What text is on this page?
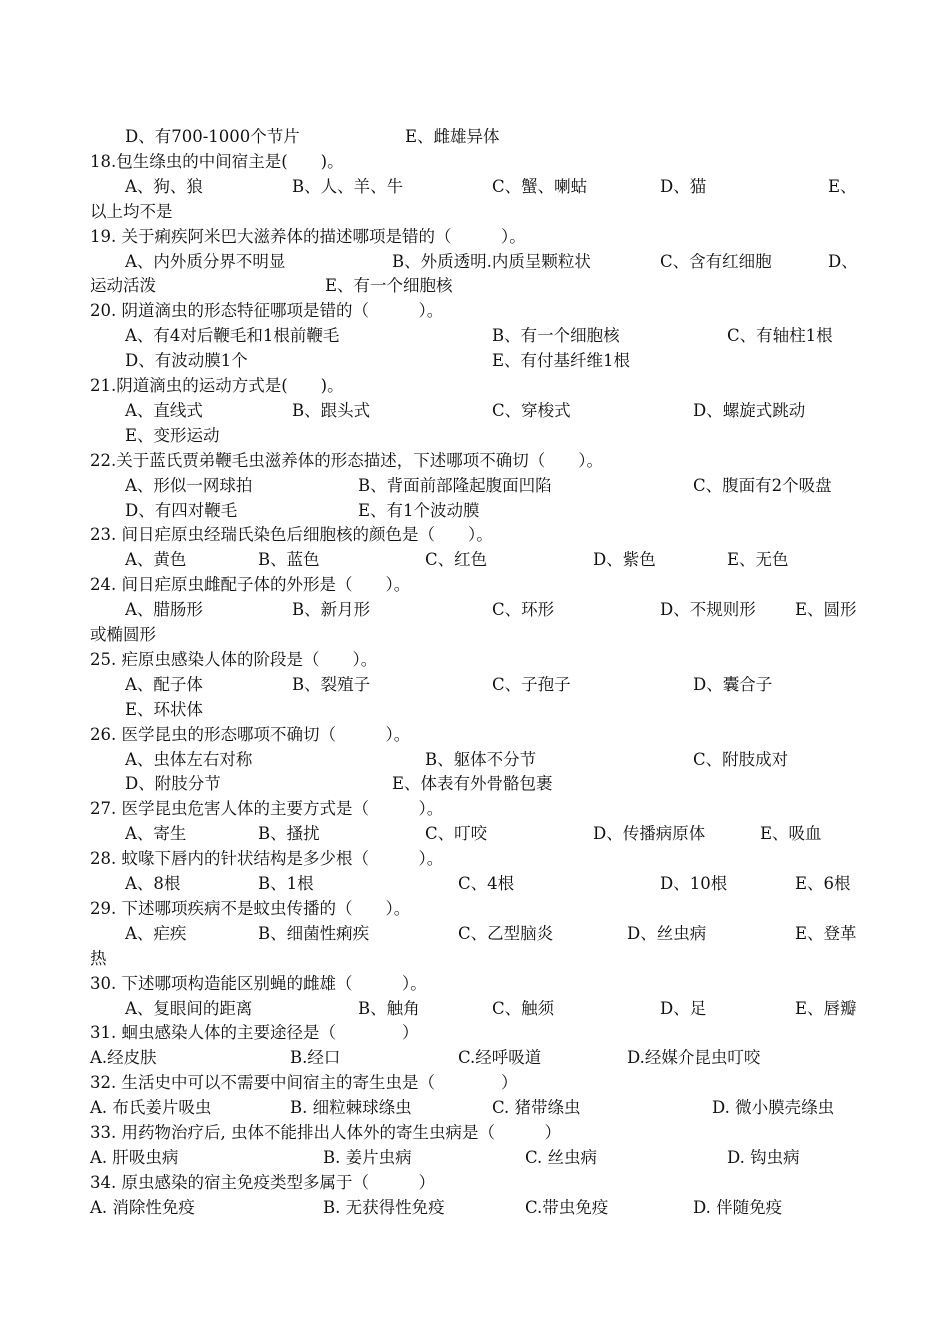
D、有700-1000个节片	E、雌雄异体
18.包生绦虫的中间宿主是(　　)。
A、狗、狼	B、人、羊、牛	C、蟹、喇蛄	D、猫	E、
以上均不是
19. 关于痢疾阿米巴大滋养体的描述哪项是错的（　　　）。
A、内外质分界不明显	B、外质透明.内质呈颗粒状	C、含有红细胞	D、
运动活泼	E、有一个细胞核
20. 阴道滴虫的形态特征哪项是错的（　　　）。
A、有4对后鞭毛和1根前鞭毛	B、有一个细胞核	C、有轴柱1根
D、有波动膜1个	E、有付基纤维1根
21.阴道滴虫的运动方式是(　　)。
A、直线式	B、跟头式	C、穿梭式	D、螺旋式跳动
E、变形运动
22.关于蓝氏贾弟鞭毛虫滋养体的形态描述，下述哪项不确切（　　）。
A、形似一网球拍	B、背面前部隆起腹面凹陷	C、腹面有2个吸盘
D、有四对鞭毛	E、有1个波动膜
23. 间日疟原虫经瑞氏染色后细胞核的颜色是（　　）。
A、黄色	B、蓝色	C、红色	D、紫色	E、无色
24. 间日疟原虫雌配子体的外形是（　　）。
A、腊肠形	B、新月形	C、环形	D、不规则形 E、圆形
或椭圆形
25. 疟原虫感染人体的阶段是（　　）。
A、配子体	B、裂殖子	C、子孢子	D、囊合子
E、环状体
26. 医学昆虫的形态哪项不确切（　　　）。
A、虫体左右对称	B、躯体不分节	C、附肢成对
D、附肢分节	E、体表有外骨骼包裹
27. 医学昆虫危害人体的主要方式是（　　　）。
A、寄生	B、搔扰	C、叮咬	D、传播病原体	E、吸血
28. 蚊喙下唇内的针状结构是多少根（　　　）。
A、8根	B、1根	C、4根	D、10根	E、6根
29. 下述哪项疾病不是蚊虫传播的（　　）。
A、疟疾	B、细菌性痢疾	C、乙型脑炎	D、丝虫病	E、登革
热
30. 下述哪项构造能区别蝇的雌雄（　　　）。
A、复眼间的距离	B、触角	C、触须	D、足	E、唇瓣
31. 蛔虫感染人体的主要途径是（　　　　）
A.经皮肤	B.经口	C.经呼吸道	D.经媒介昆虫叮咬
32. 生活史中可以不需要中间宿主的寄生虫是（　　　　）
A. 布氏姜片吸虫	B. 细粒棘球绦虫	C. 猪带绦虫	D. 微小膜壳绦虫
33. 用药物治疗后, 虫体不能排出人体外的寄生虫病是（　　　）
A. 肝吸虫病	B. 姜片虫病	C. 丝虫病	D. 钩虫病
34. 原虫感染的宿主免疫类型多属于（　　　）
A. 消除性免疫	B. 无获得性免疫	C.带虫免疫	D. 伴随免疫
